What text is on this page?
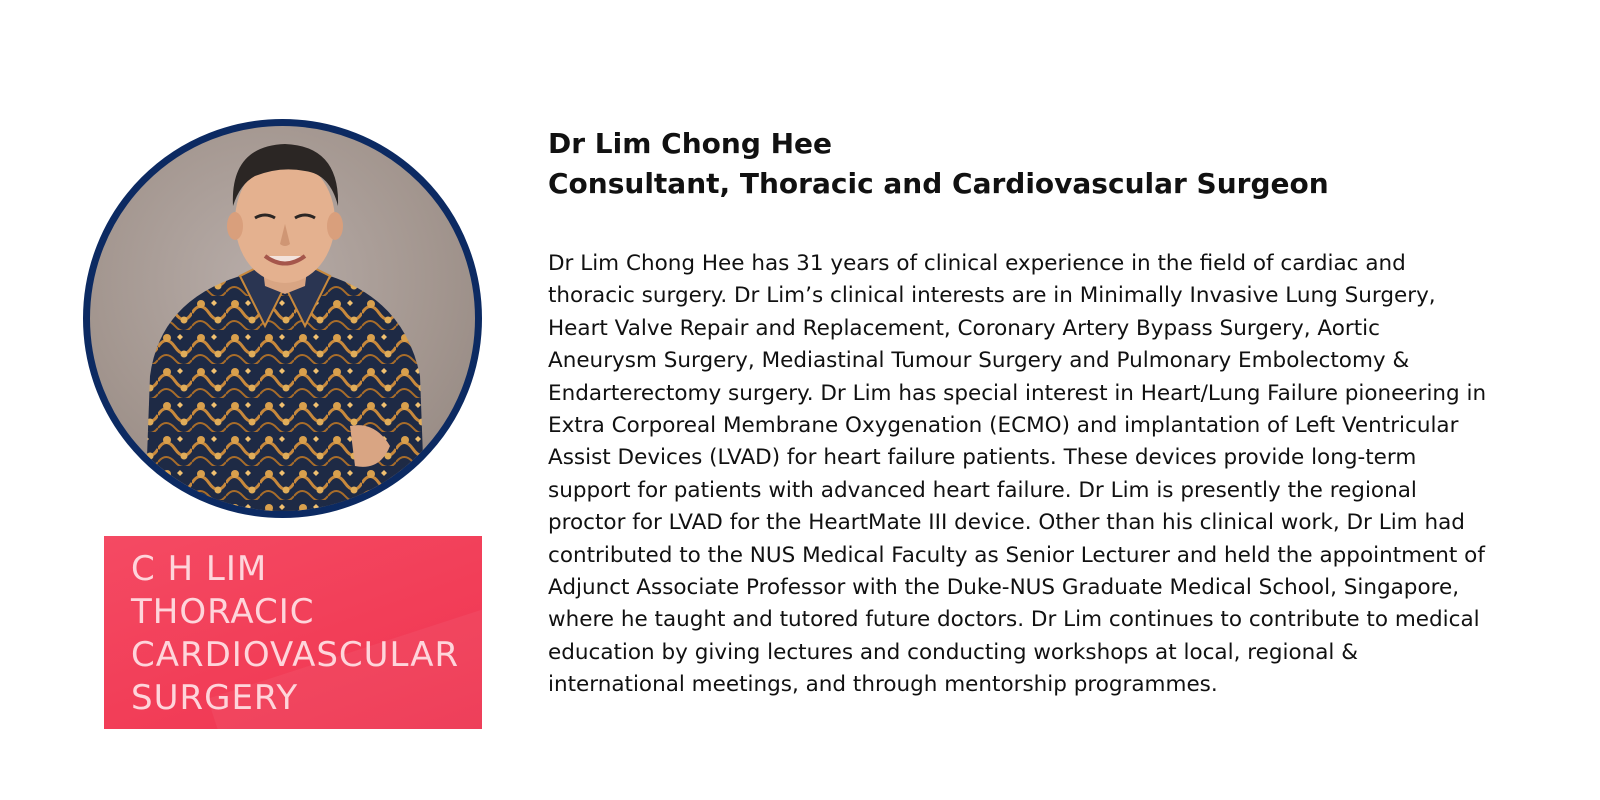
C H LIM
THORACIC
CARDIOVASCULAR
SURGERY
Dr Lim Chong Hee
Consultant, Thoracic and Cardiovascular Surgeon

Dr Lim Chong Hee has 31 years of clinical experience in the field of cardiac and thoracic surgery. Dr Lim’s clinical interests are in Minimally Invasive Lung Surgery, Heart Valve Repair and Replacement, Coronary Artery Bypass Surgery, Aortic Aneurysm Surgery, Mediastinal Tumour Surgery and Pulmonary Embolectomy & Endarterectomy surgery. Dr Lim has special interest in Heart/Lung Failure pioneering in Extra Corporeal Membrane Oxygenation (ECMO) and implantation of Left Ventricular Assist Devices (LVAD) for heart failure patients. These devices provide long-term support for patients with advanced heart failure. Dr Lim is presently the regional proctor for LVAD for the HeartMate III device. Other than his clinical work, Dr Lim had contributed to the NUS Medical Faculty as Senior Lecturer and held the appointment of Adjunct Associate Professor with the Duke-NUS Graduate Medical School, Singapore, where he taught and tutored future doctors. Dr Lim continues to contribute to medical education by giving lectures and conducting workshops at local, regional & international meetings, and through mentorship programmes.
